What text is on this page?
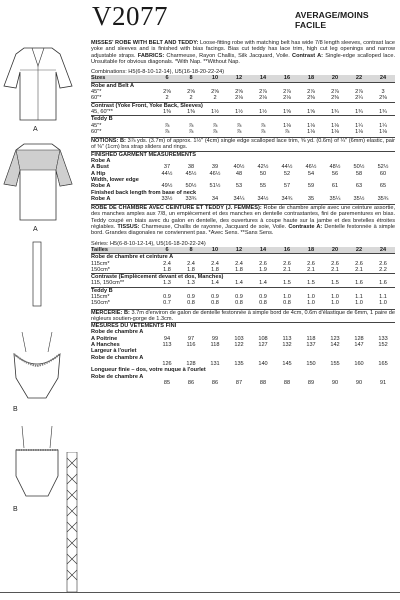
V2077	AVERAGE/MOINS FACILE
A
A
B
B
MISSES' ROBE WITH BELT AND TEDDY: Loose-fitting robe with matching belt has wide 7/8 length sleeves, contrast lace yoke and sleeves and is finished with bias facings. Bias cut teddy has lace trim, high cut leg openings and narrow adjustable straps. FABRICS: Charmeuse, Rayon Challis, Silk Jacquard, Voile. Contrast A: Single-edge scalloped lace. Unsuitable for obvious diagonals. *With Nap. **Without Nap.
Combinations: H5(6-8-10-12-14), U5(16-18-20-22-24)
Sizes	6	8	10	12	14	16	18	20	22	24
Robe and Belt A										
45"*	2⅝	2⅝	2⅝	2⅝	2⅞	2⅞	2⅞	2⅞	2⅞	3
60"*	2	2	2	2⅛	2⅛	2⅛	2⅜	2⅜	2¼	2⅜
Contrast (Yoke Front, Yoke Back, Sleeves)										
45, 60"**	1⅜	1⅜	1½	1½	1½	1⅝	1⅝	1¾	1¾	1¾
Teddy B										
45"*	⅞	⅞	⅞	⅞	⅞	1⅛	1⅛	1⅛	1¼	1¼
60"*	⅞	⅞	⅞	⅞	⅞	⅞	1⅛	1⅛	1⅛	1⅛
NOTIONS: B: 3⅞ yds. (3.7m) of approx. 1½" (4cm) single edge scalloped lace trim, ⅝ yd. (0.6m) of ¼" (6mm) elastic, pair of ⅜" (1cm) bra strap sliders and rings.
FINISHED GARMENT MEASUREMENTS										
Robe A										
A Bust	37	38	39	40½	42½	44½	46½	48½	50½	52½
A Hip	44½	45½	46½	48	50	52	54	56	58	60
Width, lower edge										
Robe A	49½	50½	51½	53	55	57	59	61	63	65
Finished back length from base of neck										
Robe A	33½	33¾	34	34¼	34½	34¾	35	35¼	35½	35¾
ROBE DE CHAMBRE AVEC CEINTURE ET TEDDY (J. FEMMES): Robe de chambre ample avec une ceinture assortie, des manches amples aux 7/8, un empiècement et des manches en dentelle contrastantes, fini de parementures en bias. Teddy coupé en biais avec du galon en dentelle, des ouvertures à coupe haute sur la jambe et des bretelles étroites réglables. TISSUS: Charmeuse, Challis de rayonne, Jacquard de soie, Voile. Contraste A: Dentelle festonnée à simple bord. Grandes diagonales ne conviennent pas. *Avec Sens. **Sans Sens.
Séries: H5(6-8-10-12-14), U5(16-18-20-22-24)
Tailles	6	8	10	12	14	16	18	20	22	24
Robe de chambre et ceinture A										
115cm*	2.4	2.4	2.4	2.4	2.6	2.6	2.6	2.6	2.6	2.6
150cm*	1.8	1.8	1.8	1.8	1.9	2.1	2.1	2.1	2.1	2.2
Contraste (Emplècement devant et dos, Manches)										
115, 150cm**	1.3	1.3	1.4	1.4	1.4	1.5	1.5	1.5	1.6	1.6
Teddy B										
115cm*	0.9	0.9	0.9	0.9	0.9	1.0	1.0	1.0	1.1	1.1
150cm*	0.7	0.8	0.8	0.8	0.8	0.8	1.0	1.0	1.0	1.0
MERCERIE: B: 3.7m d'environ de galon de dentelle festonnée à simple bord de 4cm, 0.6m d'élastique de 6mm, 1 paire de régleurs soutien-gorge de 1.3cm.
MESURES DU VÊTEMENTS FINI										
Robe de chambre A										
A Poitrine	94	97	99	103	108	113	118	123	128	133
A Hanches	113	116	118	122	127	132	137	142	147	152
Largeur à l'ourlet										
Robe de chambre A										
	126	128	131	135	140	145	150	155	160	165
Longueur finie – dos, votre nuque à l'ourlet										
Robe de chambre A										
	85	86	86	87	88	88	89	90	90	91
